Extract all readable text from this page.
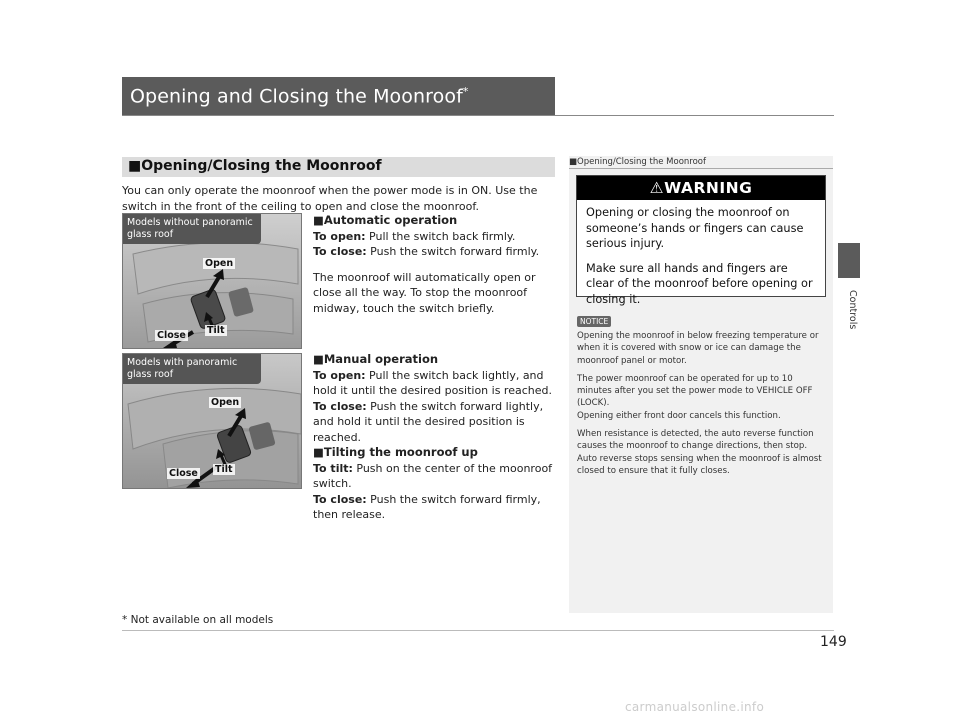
Opening and Closing the Moonroof*
Controls
■Opening/Closing the Moonroof
You can only operate the moonroof when the power mode is in ON. Use the switch in the front of the ceiling to open and close the moonroof.
Models without panoramic glass roof
Open
Tilt
Close
Models with panoramic glass roof
Open
Tilt
Close

■Automatic operation

To open: Pull the switch back firmly.

To close: Push the switch forward firmly.

The moonroof will automatically open or close all the way. To stop the moonroof midway, touch the switch briefly.

■Manual operation

To open: Pull the switch back lightly, and hold it until the desired position is reached.

To close: Push the switch forward lightly, and hold it until the desired position is reached.

■Tilting the moonroof up

To tilt: Push on the center of the moonroof switch.

To close: Push the switch forward firmly, then release.

■Opening/Closing the Moonroof
⚠WARNING

Opening or closing the moonroof on someone’s hands or fingers can cause serious injury.

Make sure all hands and fingers are clear of the moonroof before opening or closing it.

NOTICE

Opening the moonroof in below freezing temperature or when it is covered with snow or ice can damage the moonroof panel or motor.

The power moonroof can be operated for up to 10 minutes after you set the power mode to VEHICLE OFF (LOCK).
Opening either front door cancels this function.

When resistance is detected, the auto reverse function causes the moonroof to change directions, then stop. Auto reverse stops sensing when the moonroof is almost closed to ensure that it fully closes.

* Not available on all models
149
carmanualsonline.info
